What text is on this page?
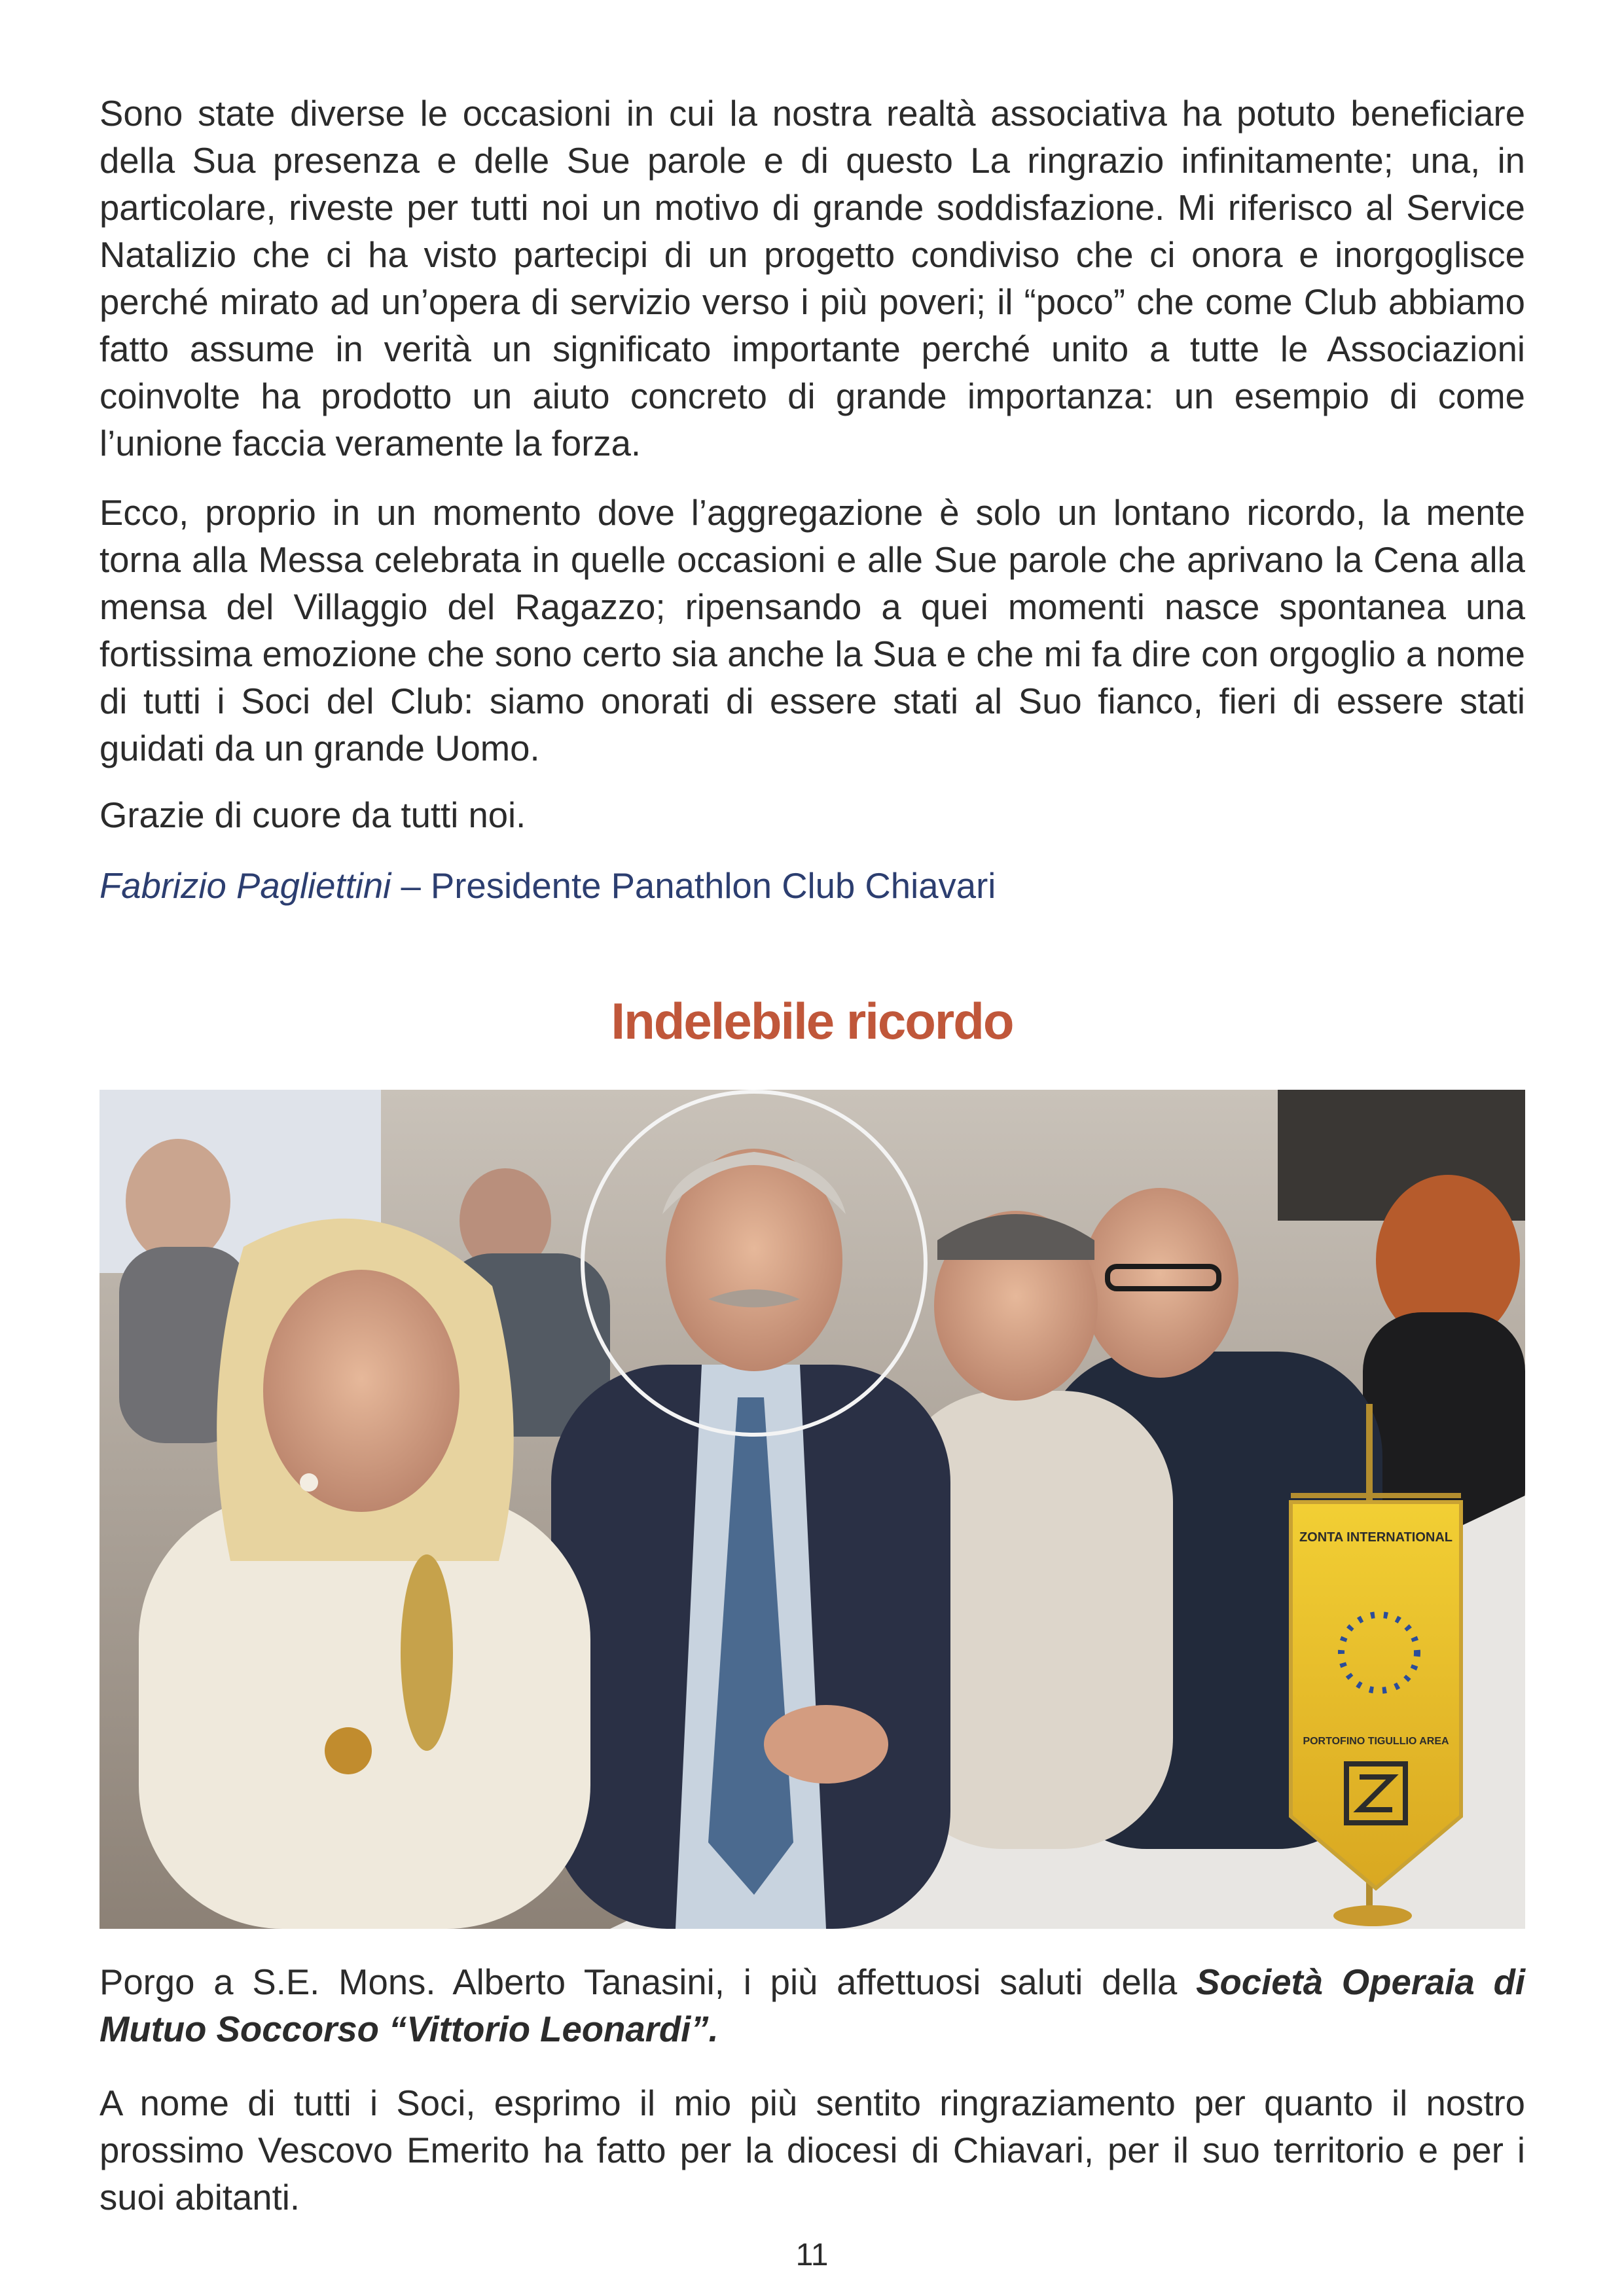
Sono state diverse le occasioni in cui la nostra realtà associativa ha potuto beneficiare della Sua presenza e delle Sue parole e di questo La ringrazio infinitamente; una, in particolare, riveste per tutti noi un motivo di grande soddisfazione. Mi riferisco al Service Natalizio che ci ha visto partecipi di un progetto condiviso che ci onora e inorgoglisce perché mirato ad un’opera di servizio verso i più poveri; il “poco” che come Club abbiamo fatto assume in verità un significato importante perché unito a tutte le Associazioni coinvolte ha prodotto un aiuto concreto di grande importanza: un esempio di come l’unione faccia veramente la forza.

Ecco, proprio in un momento dove l’aggregazione è solo un lontano ricordo, la mente torna alla Messa celebrata in quelle occasioni e alle Sue parole che aprivano la Cena alla mensa del Villaggio del Ragazzo; ripensando a quei momenti nasce spontanea una fortissima emozione che sono certo sia anche la Sua e che mi fa dire con orgoglio a nome di tutti i Soci del Club: siamo onorati di essere stati al Suo fianco, fieri di essere stati guidati da un grande Uomo.

Grazie di cuore da tutti noi.

Fabrizio Pagliettini – Presidente Panathlon Club Chiavari

Indelebile ricordo
ZONTA INTERNATIONAL
PORTOFINO TIGULLIO AREA

Porgo a S.E. Mons. Alberto Tanasini, i più affettuosi saluti della Società Operaia di Mutuo Soccorso “Vittorio Leonardi”.

A nome di tutti i Soci, esprimo il mio più sentito ringraziamento per quanto il nostro prossimo Vescovo Emerito ha fatto per la diocesi di Chiavari, per il suo territorio e per i suoi abitanti.

11
